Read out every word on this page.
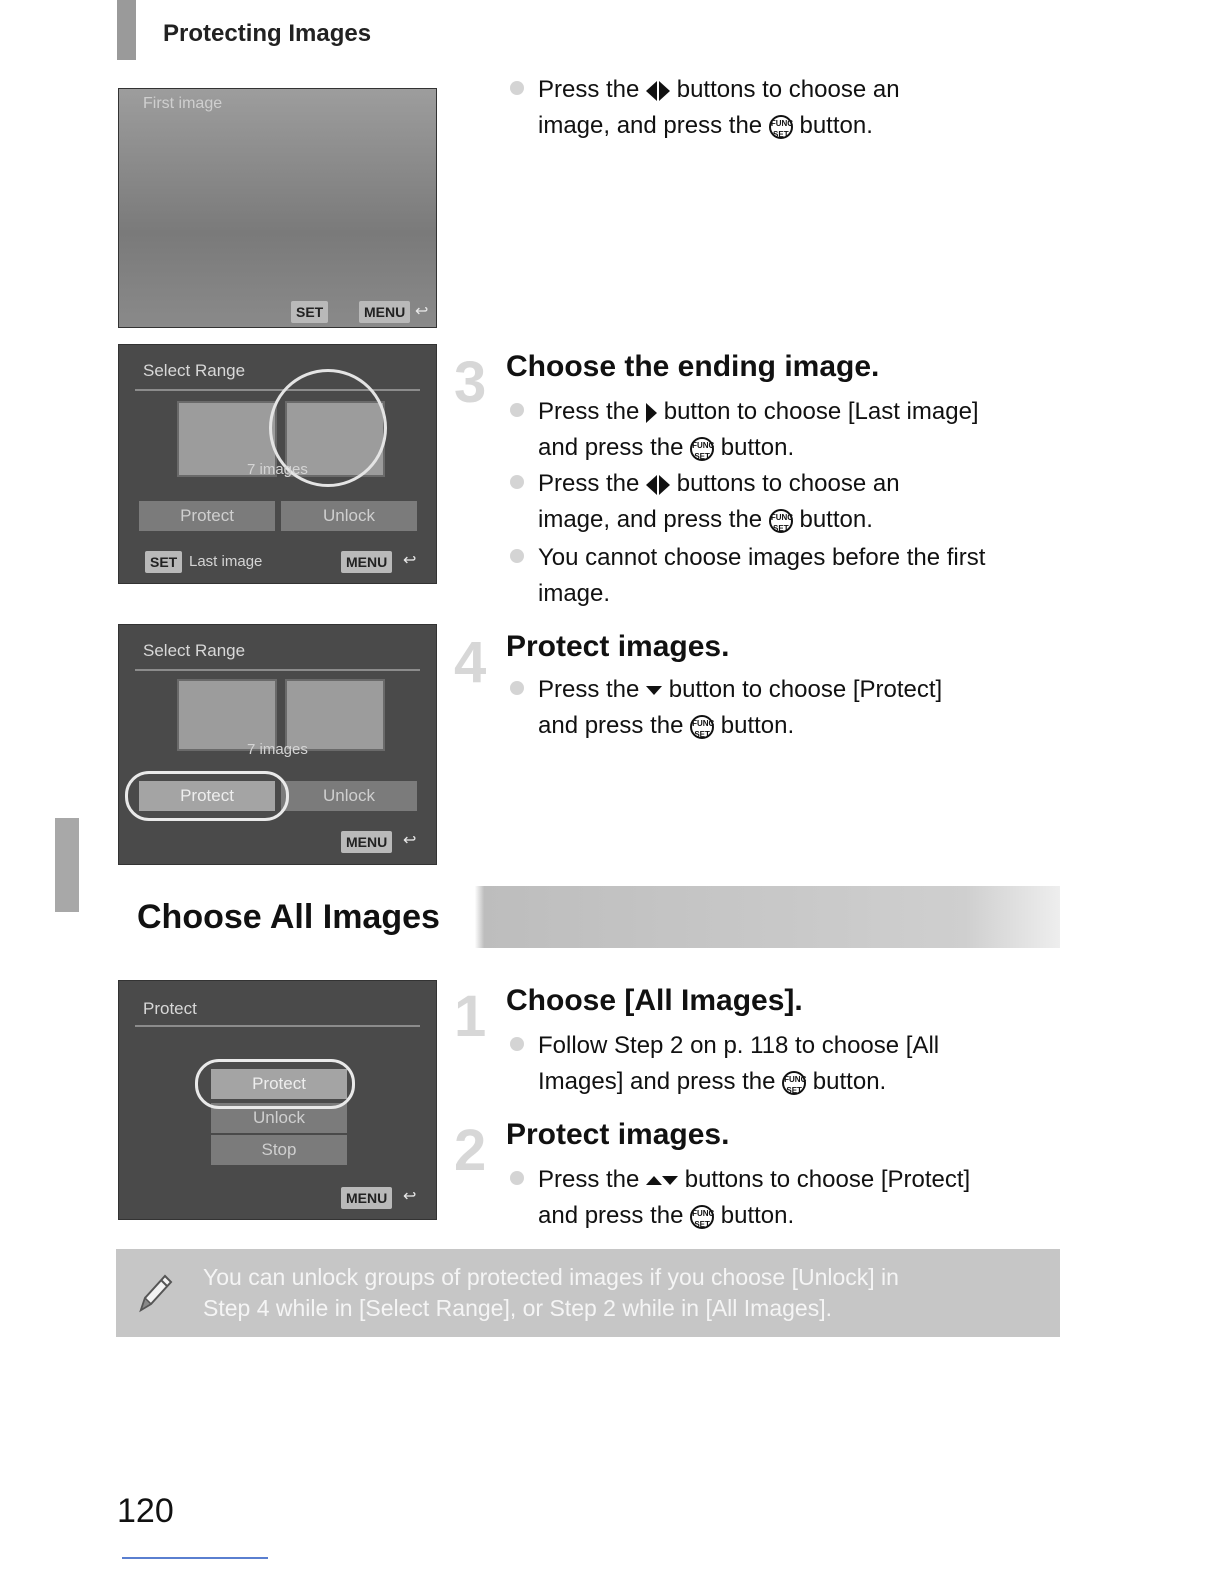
Protecting Images
First image
SET	MENU ↩
Select Range
7 images
Protect	Unlock
SET Last image	MENU ↩
Select Range
7 images
Protect	Unlock
MENU ↩
Protect
Protect
Unlock
Stop
MENU ↩
Press the  buttons to choose an
image, and press the FUNC
SET button.
3 Choose the ending image.
Press the  button to choose [Last image]
and press the FUNC
SET button.
Press the  buttons to choose an
image, and press the FUNC
SET button.
You cannot choose images before the first
image.
4 Protect images.
Press the  button to choose [Protect]
and press the FUNC
SET button.
Choose All Images
1 Choose [All Images].
Follow Step 2 on p. 118 to choose [All
Images] and press the FUNC
SET button.
2 Protect images.
Press the  buttons to choose [Protect]
and press the FUNC
SET button.
You can unlock groups of protected images if you choose [Unlock] in
Step 4 while in [Select Range], or Step 2 while in [All Images].
120
